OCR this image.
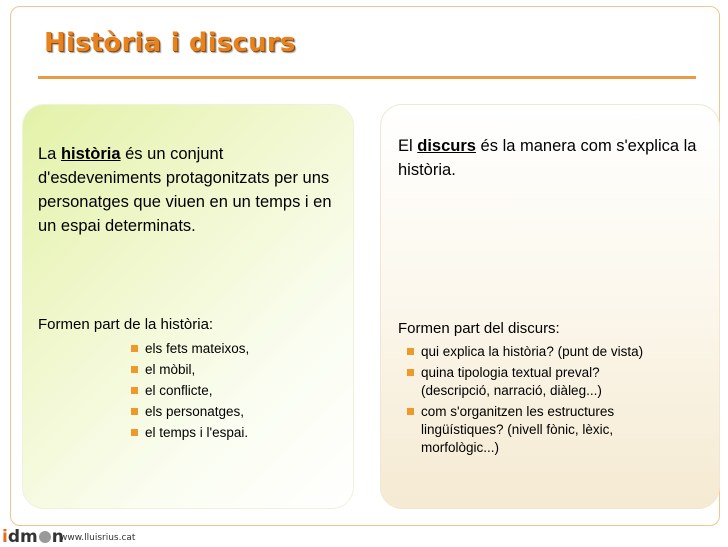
Història i discurs

La història és un conjunt d'esdeveniments protagonitzats per uns personatges que viuen en un temps i en un espai determinats.

El discurs és la manera com s'explica la història.

Formen part de la història:

els fets mateixos,
el mòbil,
el conflicte,
els personatges,
el temps i l'espai.

Formen part del discurs:

qui explica la història? (punt de vista)
quina tipologia textual preval? (descripció, narració, diàleg...)
com s'organitzen les estructures lingüístiques? (nivell fònic, lèxic, morfològic...)
idm n
www.lluisrius.cat
